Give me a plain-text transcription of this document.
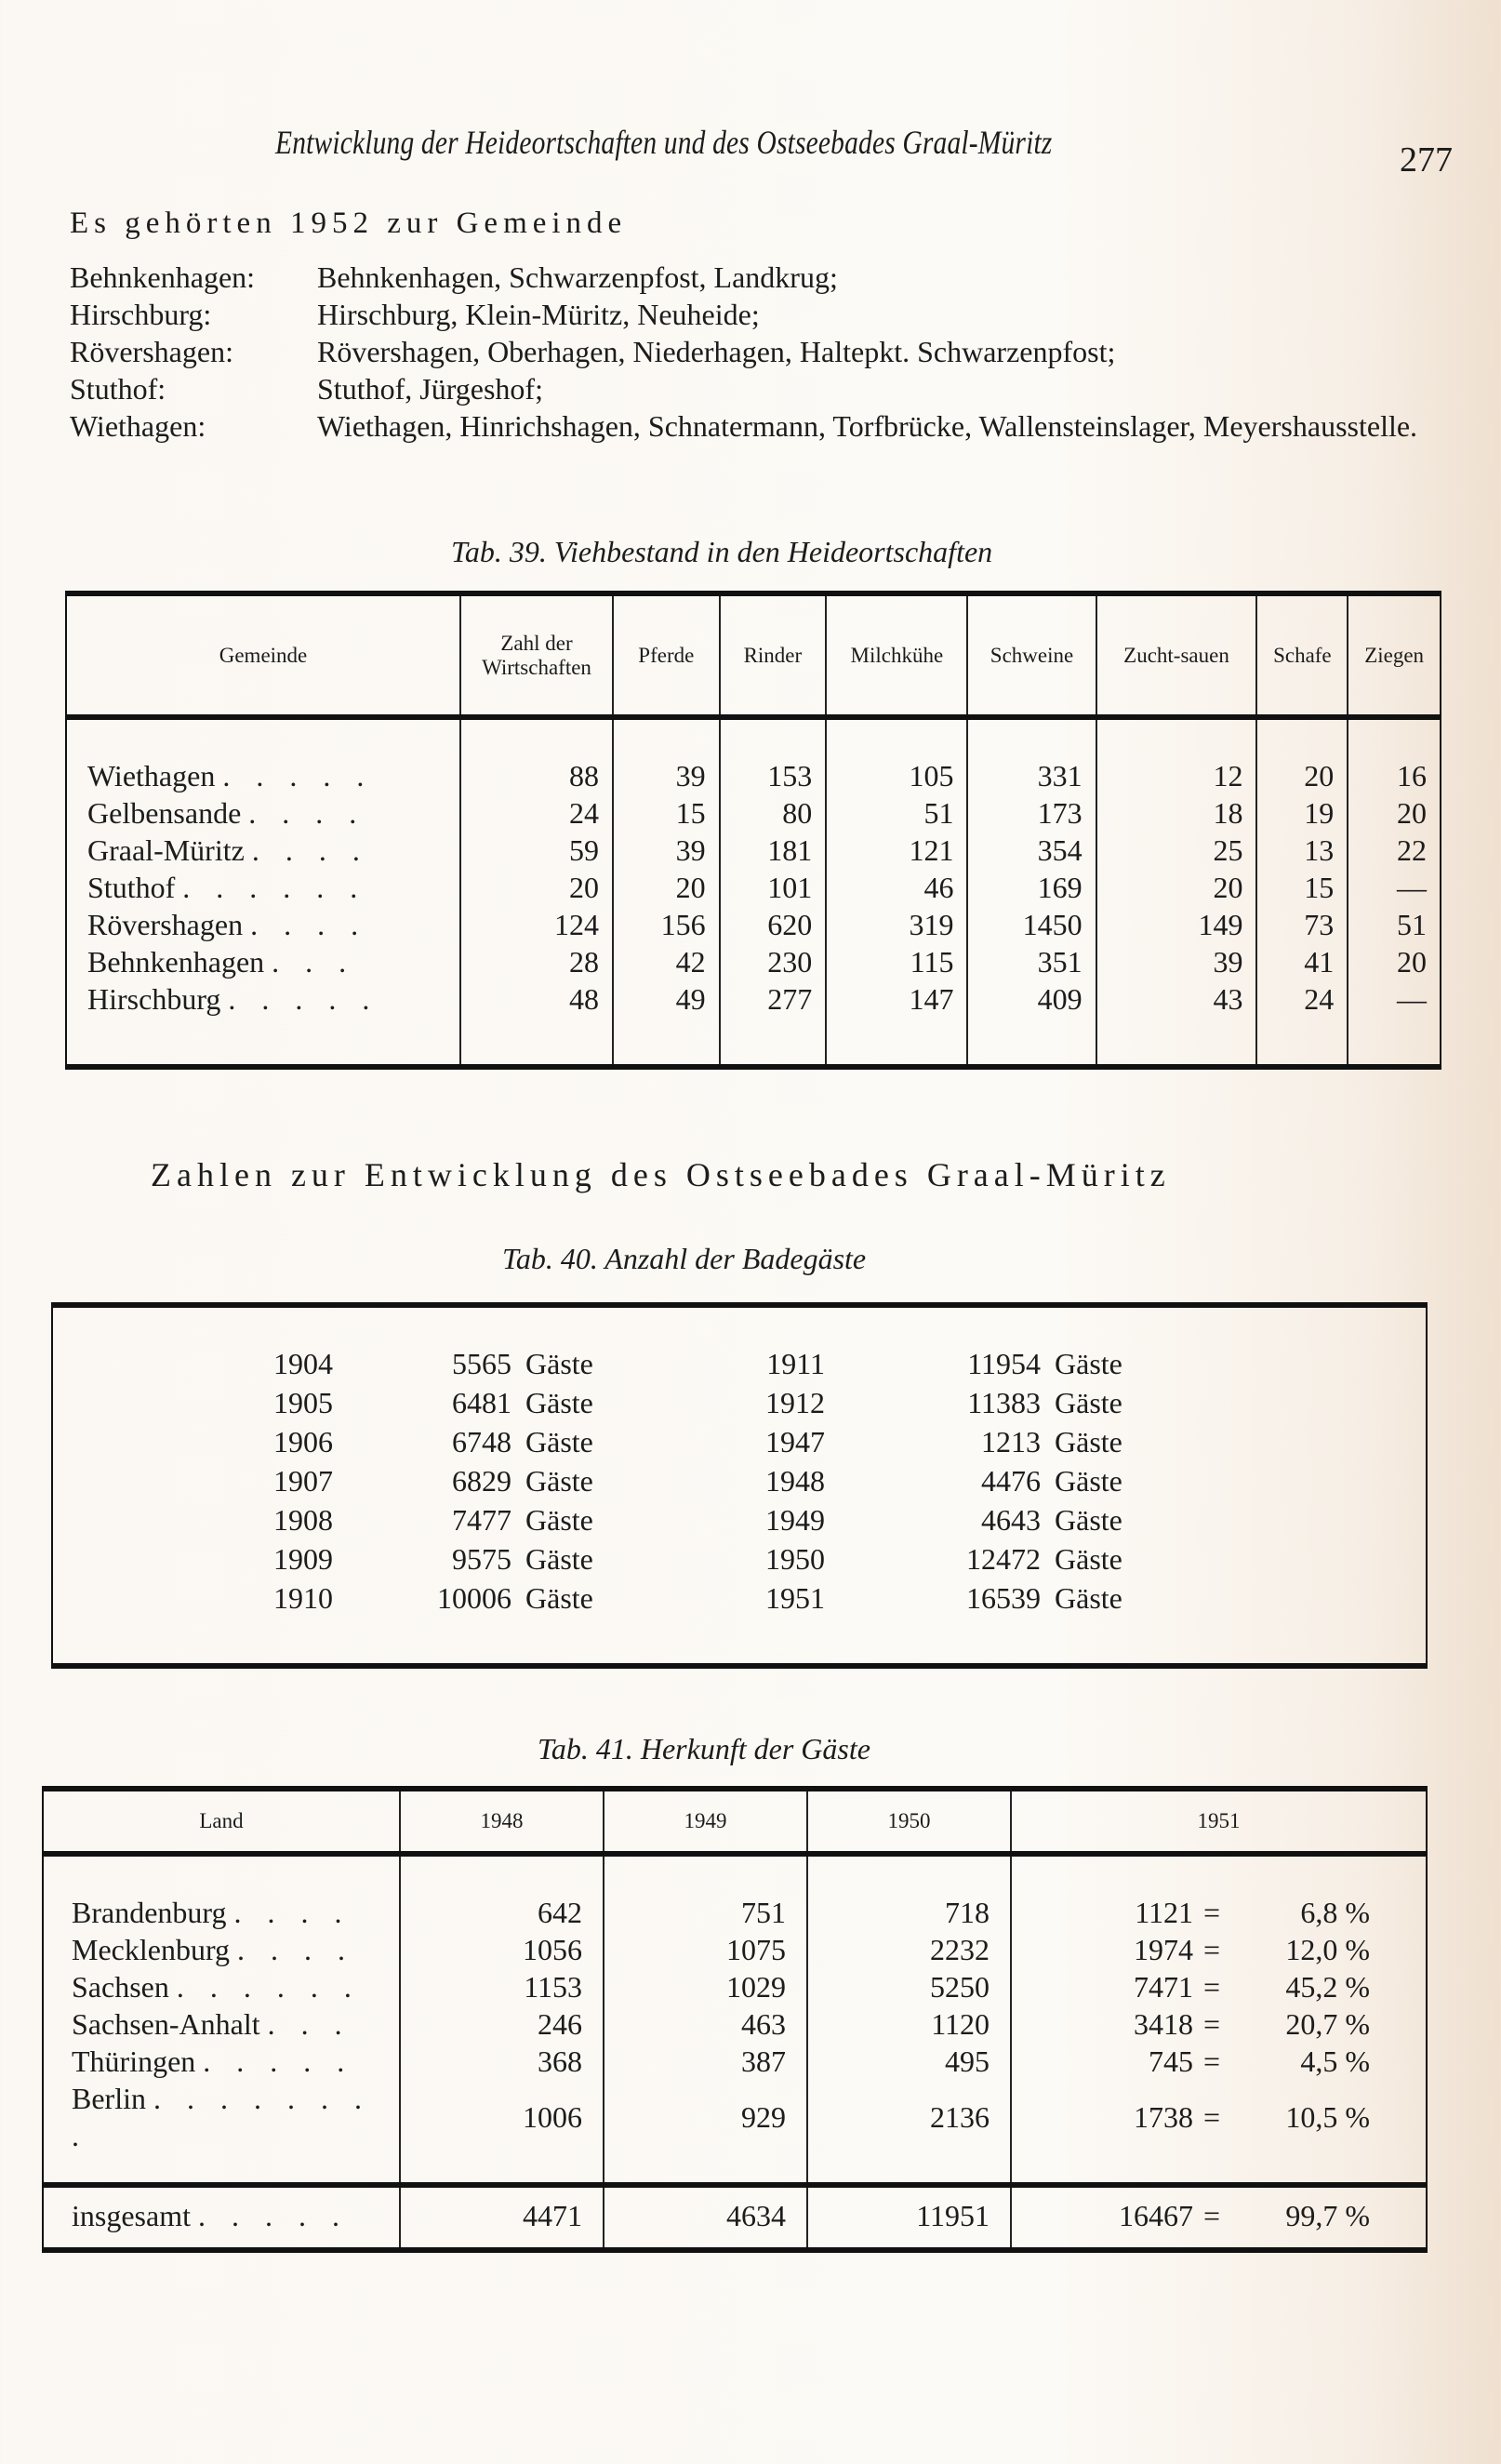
Entwicklung der Heideortschaften und des Ostseebades Graal-Müritz	277
Es gehörten 1952 zur Gemeinde
Behnkenhagen:	Behnkenhagen, Schwarzenpfost, Landkrug;
Hirschburg:	Hirschburg, Klein-Müritz, Neuheide;
Rövershagen:	Rövershagen, Oberhagen, Niederhagen, Haltepkt. Schwarzenpfost;
Stuthof:	Stuthof, Jürgeshof;
Wiethagen:	Wiethagen, Hinrichshagen, Schnatermann, Torfbrücke, Wallensteinslager, Meyershausstelle.
Tab. 39. Viehbestand in den Heideortschaften
Gemeinde	Zahl der Wirtschaften	Pferde	Rinder	Milchkühe	Schweine	Zucht-sauen	Schafe	Ziegen
Wiethagen . . . . .	88	39	153	105	331	12	20	16
Gelbensande . . . .	24	15	80	51	173	18	19	20
Graal-Müritz . . . .	59	39	181	121	354	25	13	22
Stuthof . . . . . .	20	20	101	46	169	20	15	—
Rövershagen . . . .	124	156	620	319	1450	149	73	51
Behnkenhagen . . .	28	42	230	115	351	39	41	20
Hirschburg . . . . .	48	49	277	147	409	43	24	—
Zahlen zur Entwicklung des Ostseebades Graal-Müritz
Tab. 40. Anzahl der Badegäste
1904	5565	Gäste	1911	11954	Gäste
1905	6481	Gäste	1912	11383	Gäste
1906	6748	Gäste	1947	1213	Gäste
1907	6829	Gäste	1948	4476	Gäste
1908	7477	Gäste	1949	4643	Gäste
1909	9575	Gäste	1950	12472	Gäste
1910	10006	Gäste	1951	16539	Gäste
Tab. 41. Herkunft der Gäste
Land	1948	1949	1950	1951
Brandenburg . . . .	642	751	718	1121 = 6,8 %
Mecklenburg . . . .	1056	1075	2232	1974 = 12,0 %
Sachsen . . . . . .	1153	1029	5250	7471 = 45,2 %
Sachsen-Anhalt . . .	246	463	1120	3418 = 20,7 %
Thüringen . . . . .	368	387	495	745 = 4,5 %
Berlin . . . . . . . .	1006	929	2136	1738 = 10,5 %
insgesamt . . . . .	4471	4634	11951	16467 = 99,7 %
